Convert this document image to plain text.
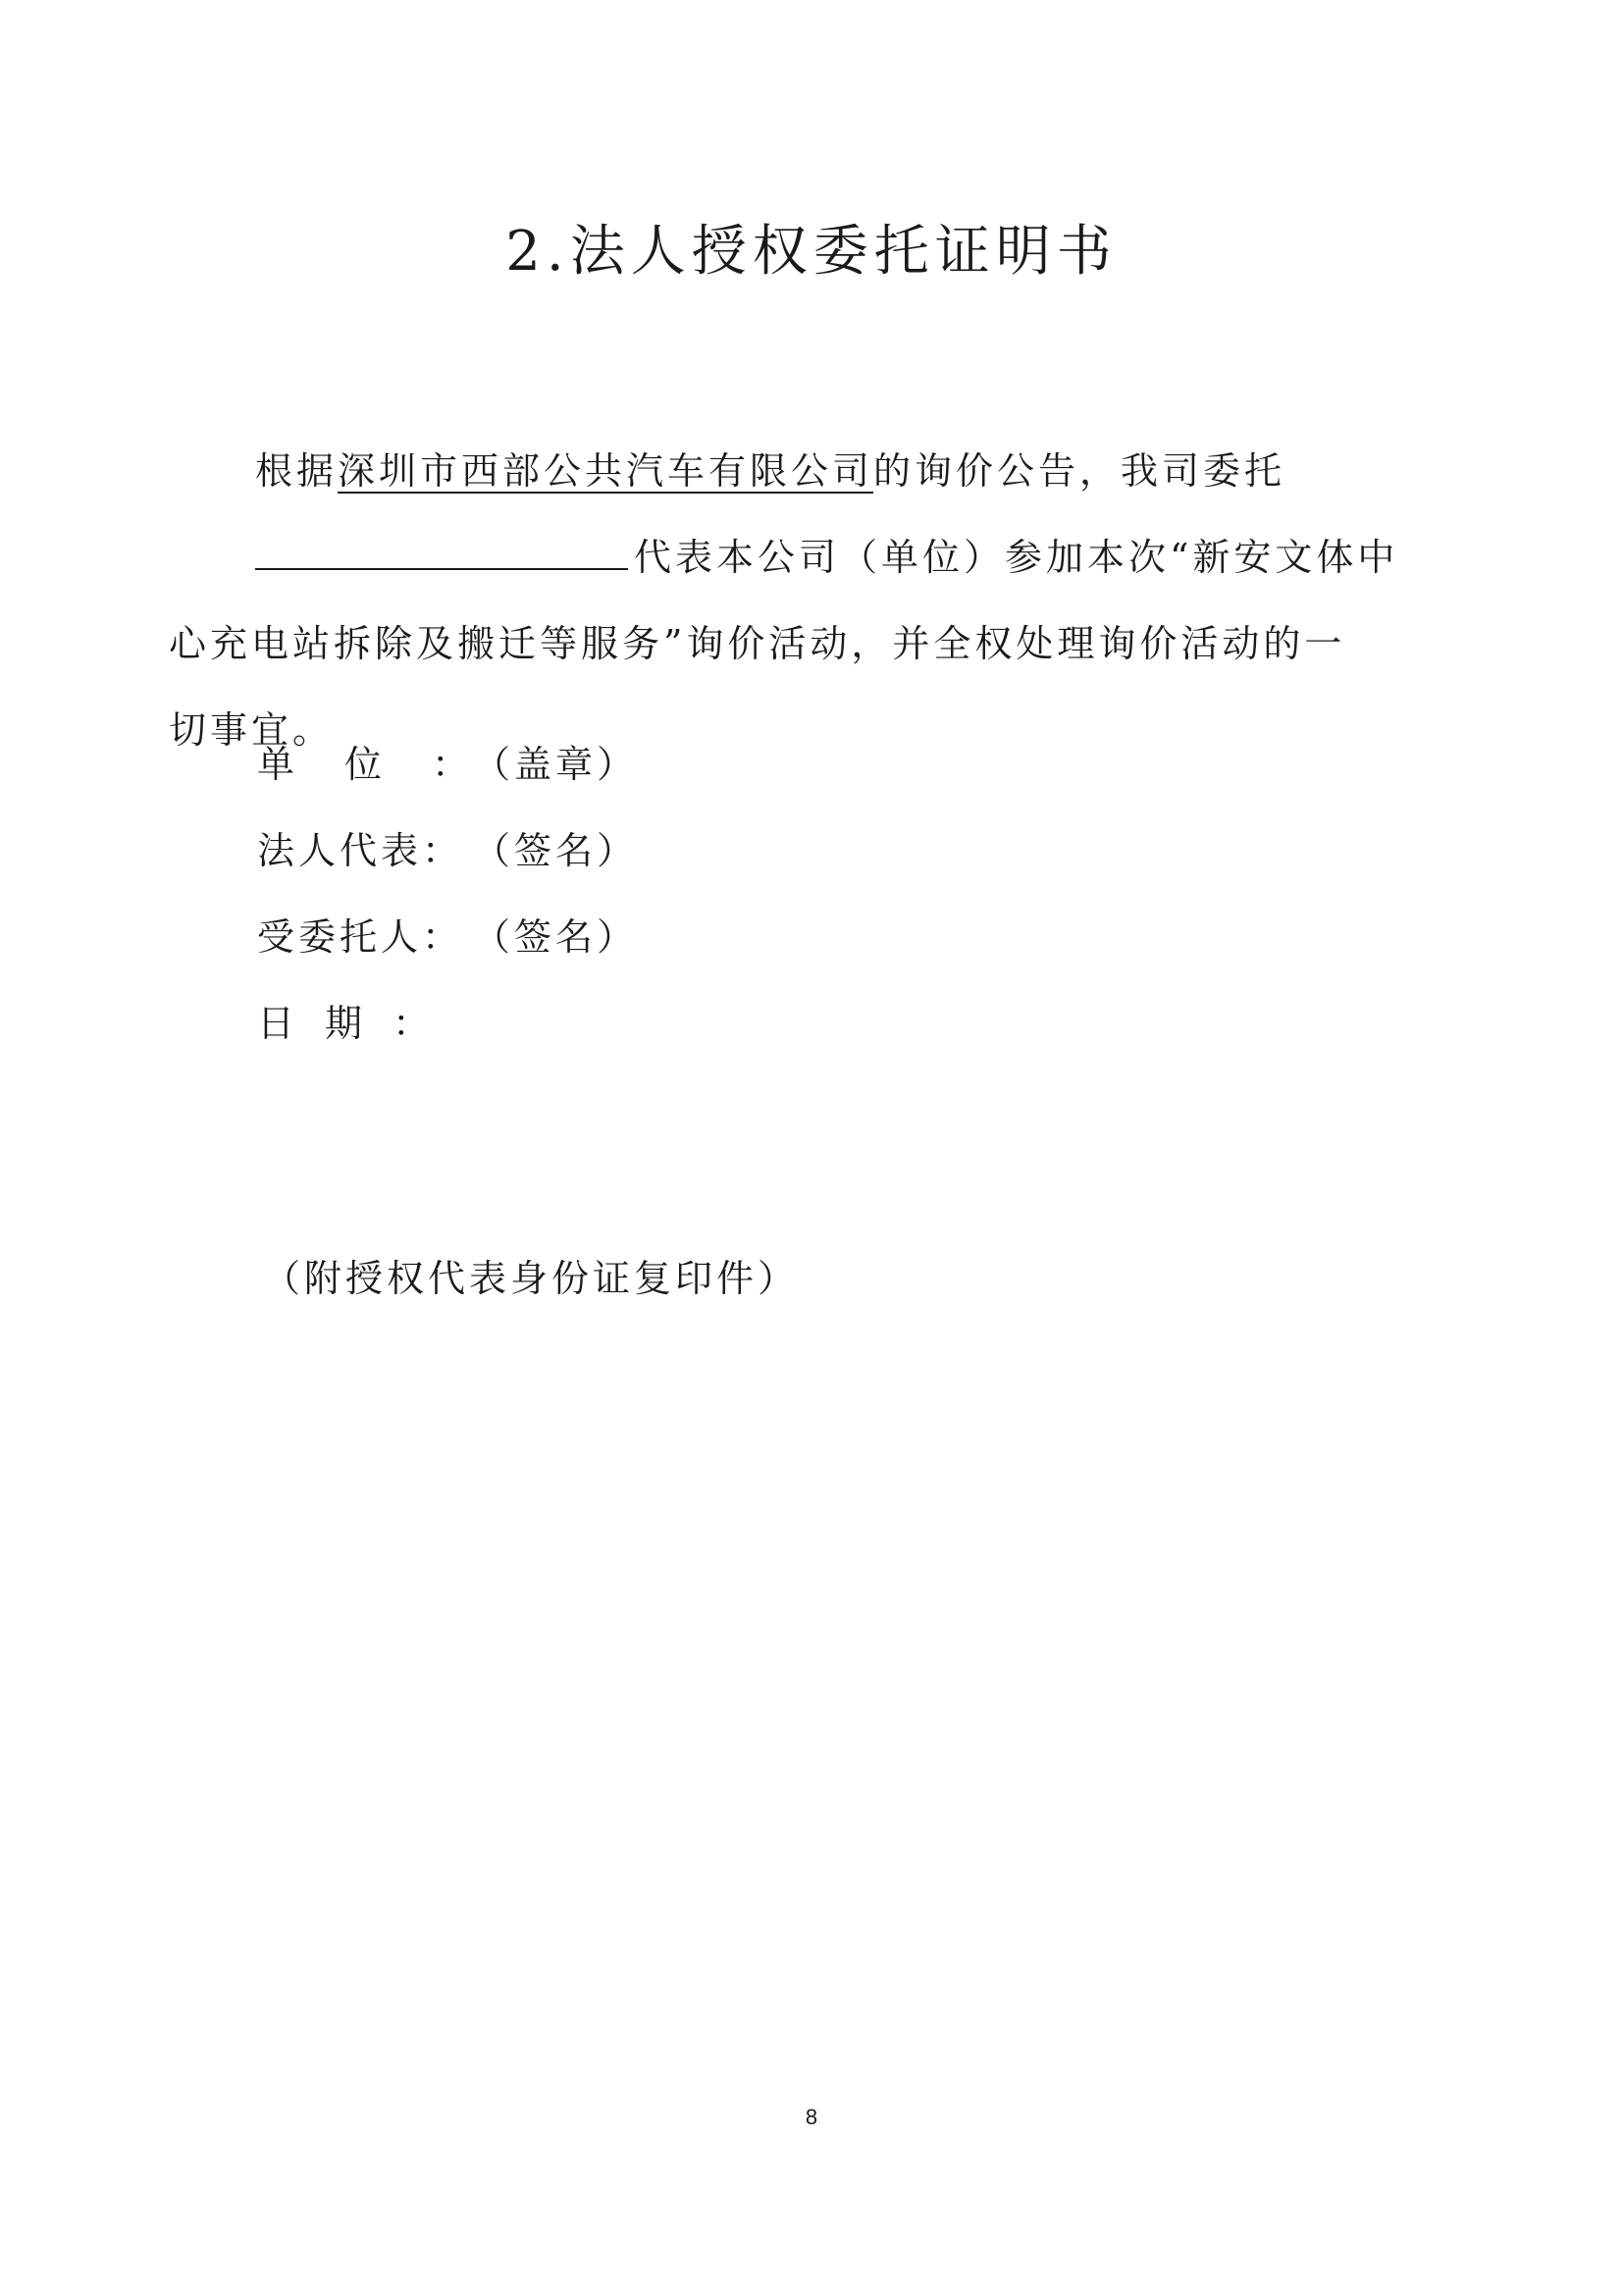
2.法人授权委托证明书
根据深圳市西部公共汽车有限公司的询价公告，我司委托
代表本公司（单位）参加本次“新安文体中
心充电站拆除及搬迁等服务”询价活动，并全权处理询价活动的一
切事宜。
单位：（盖章）
法人代表： （签名）
受委托人： （签名）
日期：
（附授权代表身份证复印件）
8
